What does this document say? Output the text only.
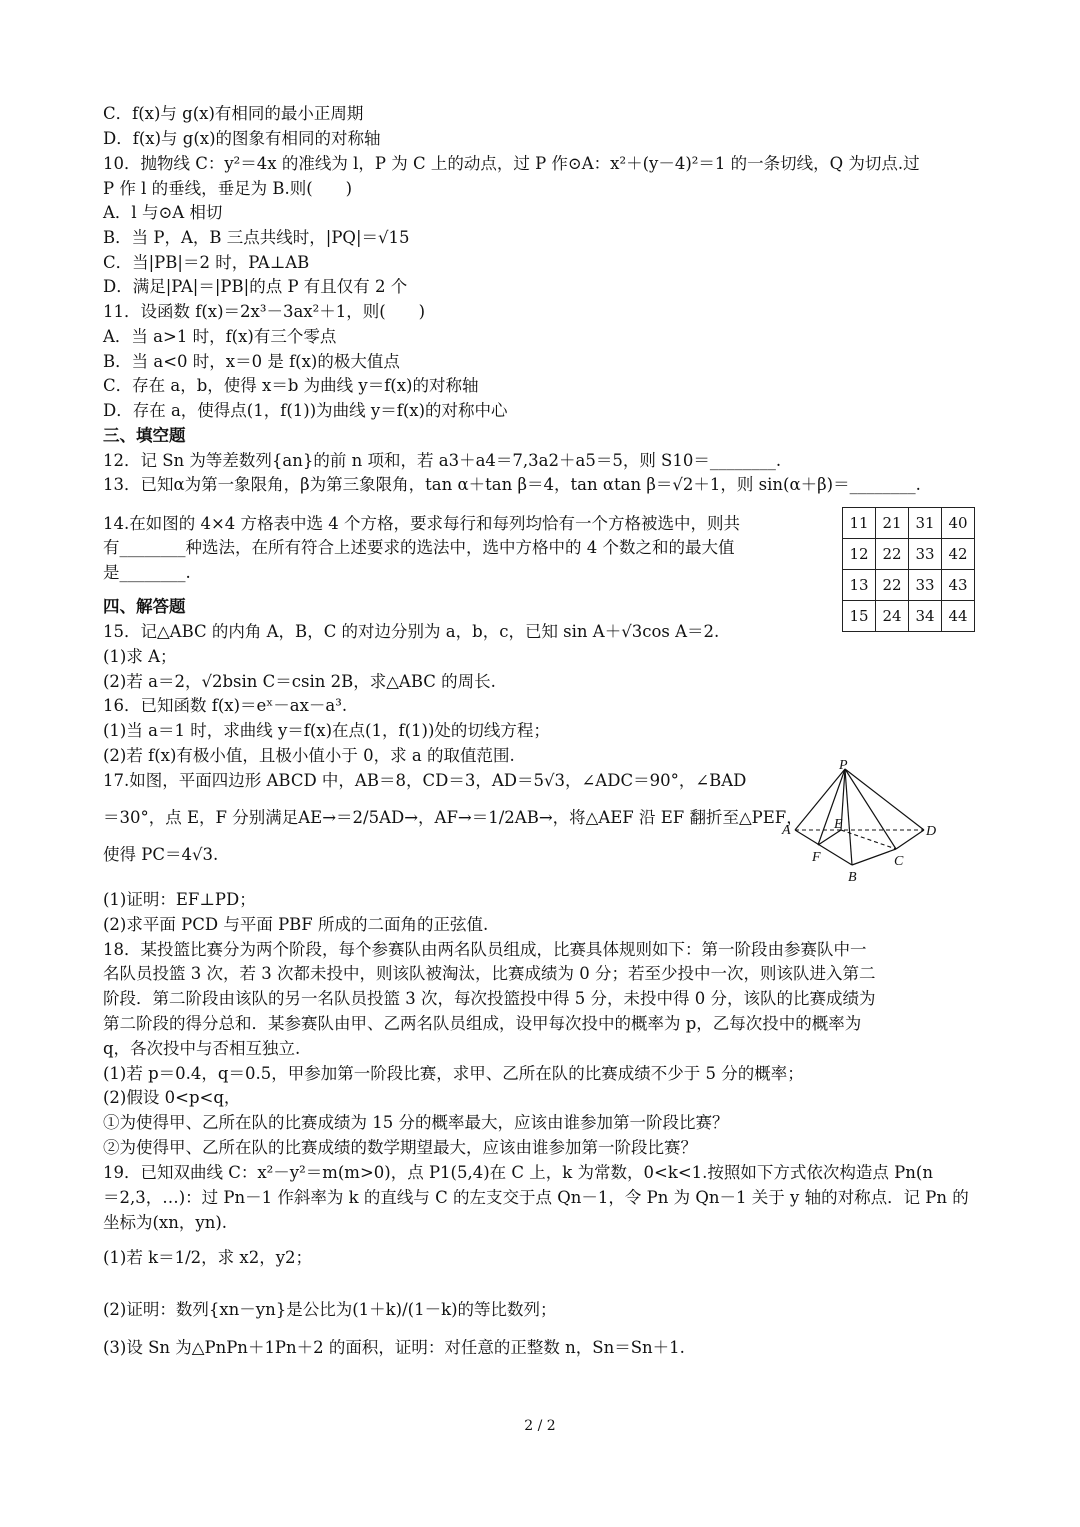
C．f(x)与 g(x)有相同的最小正周期
D．f(x)与 g(x)的图象有相同的对称轴
10．抛物线 C：y²＝4x 的准线为 l，P 为 C 上的动点，过 P 作⊙A：x²＋(y－4)²＝1 的一条切线，Q 为切点.过
P 作 l 的垂线，垂足为 B.则(　　)
A．l 与⊙A 相切
B．当 P，A，B 三点共线时，|PQ|＝√15
C．当|PB|＝2 时，PA⊥AB
D．满足|PA|＝|PB|的点 P 有且仅有 2 个
11．设函数 f(x)＝2x³－3ax²＋1，则(　　)
A．当 a>1 时，f(x)有三个零点
B．当 a<0 时，x＝0 是 f(x)的极大值点
C．存在 a，b，使得 x＝b 为曲线 y＝f(x)的对称轴
D．存在 a，使得点(1，f(1))为曲线 y＝f(x)的对称中心
三、填空题
12．记 Sn 为等差数列{an}的前 n 项和，若 a3＋a4＝7,3a2＋a5＝5，则 S10＝________.
13．已知α为第一象限角，β为第三象限角，tan α＋tan β＝4，tan αtan β＝√2＋1，则 sin(α＋β)＝________.
14.在如图的 4×4 方格表中选 4 个方格，要求每行和每列均恰有一个方格被选中，则共
有________种选法，在所有符合上述要求的选法中，选中方格中的 4 个数之和的最大值
是________.
四、解答题
15．记△ABC 的内角 A，B，C 的对边分别为 a，b，c，已知 sin A＋√3cos A＝2.
(1)求 A；
(2)若 a＝2，√2bsin C＝csin 2B，求△ABC 的周长.
16．已知函数 f(x)＝eˣ－ax－a³.
(1)当 a＝1 时，求曲线 y＝f(x)在点(1，f(1))处的切线方程；
(2)若 f(x)有极小值，且极小值小于 0，求 a 的取值范围.
17.如图，平面四边形 ABCD 中，AB＝8，CD＝3，AD＝5√3，∠ADC＝90°，∠BAD
＝30°，点 E，F 分别满足AE→＝2/5AD→，AF→＝1/2AB→，将△AEF 沿 EF 翻折至△PEF，
使得 PC＝4√3.
(1)证明：EF⊥PD；
(2)求平面 PCD 与平面 PBF 所成的二面角的正弦值.
18．某投篮比赛分为两个阶段，每个参赛队由两名队员组成，比赛具体规则如下：第一阶段由参赛队中一
名队员投篮 3 次，若 3 次都未投中，则该队被淘汰，比赛成绩为 0 分；若至少投中一次，则该队进入第二
阶段．第二阶段由该队的另一名队员投篮 3 次，每次投篮投中得 5 分，未投中得 0 分，该队的比赛成绩为
第二阶段的得分总和．某参赛队由甲、乙两名队员组成，设甲每次投中的概率为 p，乙每次投中的概率为
q，各次投中与否相互独立.
(1)若 p＝0.4，q＝0.5，甲参加第一阶段比赛，求甲、乙所在队的比赛成绩不少于 5 分的概率；
(2)假设 0<p<q，
①为使得甲、乙所在队的比赛成绩为 15 分的概率最大，应该由谁参加第一阶段比赛？
②为使得甲、乙所在队的比赛成绩的数学期望最大，应该由谁参加第一阶段比赛？
19．已知双曲线 C：x²－y²＝m(m>0)，点 P1(5,4)在 C 上，k 为常数，0<k<1.按照如下方式依次构造点 Pn(n
＝2,3，…)：过 Pn－1 作斜率为 k 的直线与 C 的左支交于点 Qn－1，令 Pn 为 Qn－1 关于 y 轴的对称点．记 Pn 的
坐标为(xn，yn).
(1)若 k＝1/2，求 x2，y2；
(2)证明：数列{xn－yn}是公比为(1＋k)/(1－k)的等比数列；
(3)设 Sn 为△PnPn＋1Pn＋2 的面积，证明：对任意的正整数 n，Sn＝Sn＋1.
11	21	31	40
12	22	33	42
13	22	33	43
15	24	34	44
P
E
A	D
F	C
B
2 / 2
